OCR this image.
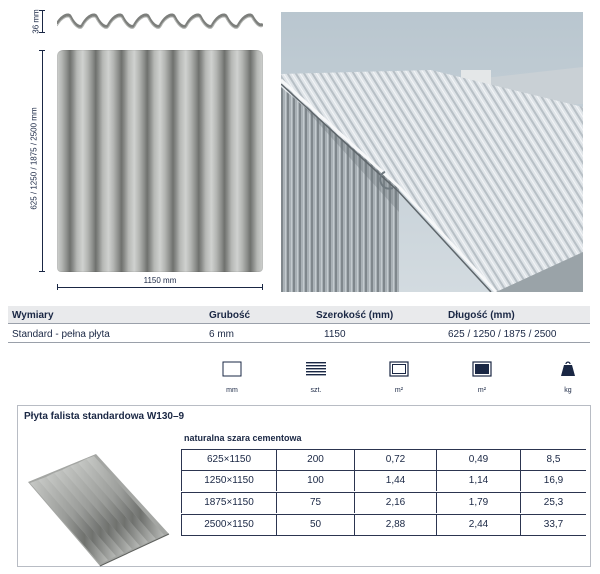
36 mm
625 / 1250 / 1875 / 2500 mm
1150 mm
Wymiary	Grubość	Szerokość (mm)	Długość (mm)
Standard - pełna płyta	6 mm	1150	625 / 1250 / 1875 / 2500
mm	szt.	m²	m²	kg
Płyta falista standardowa W130–9
naturalna szara cementowa
625×1150	200	0,72	0,49	8,5
1250×1150	100	1,44	1,14	16,9
1875×1150	75	2,16	1,79	25,3
2500×1150	50	2,88	2,44	33,7
